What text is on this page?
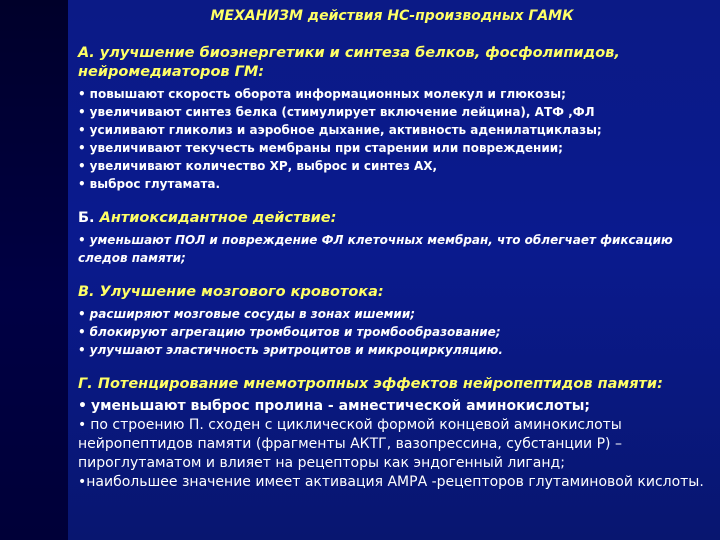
МЕХАНИЗМ действия НС-производных ГАМК
А. улучшение биоэнергетики и синтеза белков, фосфолипидов, нейромедиаторов ГМ:
• повышают скорость оборота информационных молекул и глюкозы;
• увеличивают синтез белка (стимулирует включение лейцина), АТФ ,ФЛ
• усиливают гликолиз и аэробное дыхание, активность аденилатциклазы;
• увеличивают текучесть мембраны при старении или повреждении;
• увеличивают количество ХР, выброс и синтез АХ,
• выброс глутамата.
Б. Антиоксидантное действие:
• уменьшают ПОЛ и повреждение ФЛ клеточных мембран, что облегчает фиксацию следов памяти;
В. Улучшение мозгового кровотока:
• расширяют мозговые сосуды в зонах ишемии;
• блокируют агрегацию тромбоцитов и тромбообразование;
• улучшают эластичность эритроцитов и микроциркуляцию.
Г. Потенцирование мнемотропных эффектов нейропептидов памяти:
• уменьшают выброс пролина - амнестической аминокислоты;
• по строению П. сходен с циклической формой концевой аминокислоты нейропептидов памяти (фрагменты АКТГ, вазопрессина, субстанции Р) – пироглутаматом и влияет на рецепторы как эндогенный лиганд;
•наибольшее значение имеет активация АМРА -рецепторов глутаминовой кислоты.
